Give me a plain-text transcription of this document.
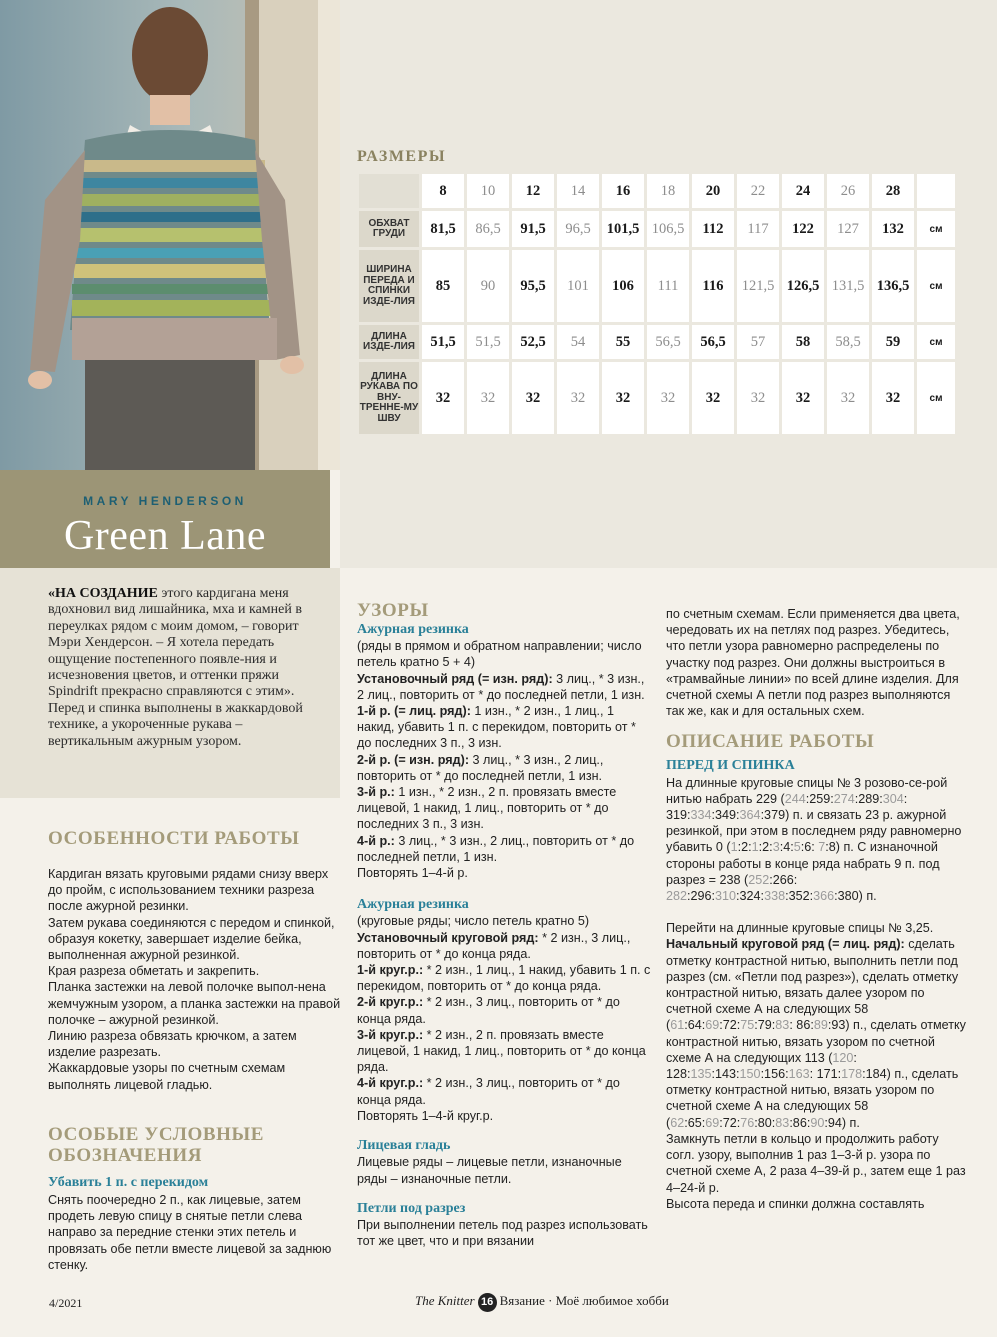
MARY HENDERSON
Green Lane

«НА СОЗДАНИЕ этого кардигана меня вдохновил вид лишайника, мха и камней в переулках рядом с моим домом, – говорит Мэри Хендерсон. – Я хотела передать ощущение постепенного появле-ния и исчезновения цветов, и оттенки пряжи Spindrift прекрасно справляются с этим». Перед и спинка выполнены в жаккардовой технике, а укороченные рукава – вертикальным ажурным узором.

РАЗМЕРЫ
	8	10	12	14	16	18	20	22	24	26	28	
ОБХВАТ ГРУДИ	81,5	86,5	91,5	96,5	101,5	106,5	112	117	122	127	132	см
ШИРИНА ПЕРЕДА И СПИНКИ ИЗДЕ-ЛИЯ	85	90	95,5	101	106	111	116	121,5	126,5	131,5	136,5	см
ДЛИНА ИЗДЕ-ЛИЯ	51,5	51,5	52,5	54	55	56,5	56,5	57	58	58,5	59	см
ДЛИНА РУКАВА ПО ВНУ-ТРЕННЕ-МУ ШВУ	32	32	32	32	32	32	32	32	32	32	32	см
ОСОБЕННОСТИ РАБОТЫ

Кардиган вязать круговыми рядами снизу вверх до пройм, с использованием техники разреза после ажурной резинки.

Затем рукава соединяются с передом и спинкой, образуя кокетку, завершает изделие бейка, выполненная ажурной резинкой.

Края разреза обметать и закрепить.

Планка застежки на левой полочке выпол-нена жемчужным узором, а планка застежки на правой полочке – ажурной резинкой.

Линию разреза обвязать крючком, а затем изделие разрезать.

Жаккардовые узоры по счетным схемам выполнять лицевой гладью.

ОСОБЫЕ УСЛОВНЫЕ ОБОЗНАЧЕНИЯ
Убавить 1 п. с перекидом
Снять поочередно 2 п., как лицевые, затем продеть левую спицу в снятые петли слева направо за передние стенки этих петель и провязать обе петли вместе лицевой за заднюю стенку.
УЗОРЫ
Ажурная резинка

(ряды в прямом и обратном направлении; число петель кратно 5 + 4)

Установочный ряд (= изн. ряд): 3 лиц., * 3 изн., 2 лиц., повторить от * до последней петли, 1 изн.

1-й р. (= лиц. ряд): 1 изн., * 2 изн., 1 лиц., 1 накид, убавить 1 п. с перекидом, повторить от * до последних 3 п., 3 изн.

2-й р. (= изн. ряд): 3 лиц., * 3 изн., 2 лиц., повторить от * до последней петли, 1 изн.

3-й р.: 1 изн., * 2 изн., 2 п. провязать вместе лицевой, 1 накид, 1 лиц., повторить от * до последних 3 п., 3 изн.

4-й р.: 3 лиц., * 3 изн., 2 лиц., повторить от * до последней петли, 1 изн.

Повторять 1–4-й р.

Ажурная резинка

(круговые ряды; число петель кратно 5)

Установочный круговой ряд: * 2 изн., 3 лиц., повторить от * до конца ряда.

1-й круг.р.: * 2 изн., 1 лиц., 1 накид, убавить 1 п. с перекидом, повторить от * до конца ряда.

2-й круг.р.: * 2 изн., 3 лиц., повторить от * до конца ряда.

3-й круг.р.: * 2 изн., 2 п. провязать вместе лицевой, 1 накид, 1 лиц., повторить от * до конца ряда.

4-й круг.р.: * 2 изн., 3 лиц., повторить от * до конца ряда.

Повторять 1–4-й круг.р.

Лицевая гладь

Лицевые ряды – лицевые петли, изнаночные ряды – изнаночные петли.

Петли под разрез

При выполнении петель под разрез использовать тот же цвет, что и при вязании

по счетным схемам. Если применяется два цвета, чередовать их на петлях под разрез. Убедитесь, что петли узора равномерно распределены по участку под разрез. Они должны выстроиться в «трамвайные линии» по всей длине изделия. Для счетной схемы А петли под разрез выполняются так же, как и для остальных схем.

ОПИСАНИЕ РАБОТЫ
ПЕРЕД И СПИНКА

На длинные круговые спицы № 3 розово-се-рой нитью набрать 229 (244:259:274:289:304: 319:334:349:364:379) п. и связать 23 р. ажурной резинкой, при этом в последнем ряду равномерно убавить 0 (1:2:1:2:3:4:5:6: 7:8) п. С изнаночной стороны работы в конце ряда набрать 9 п. под разрез = 238 (252:266: 282:296:310:324:338:352:366:380) п.

Перейти на длинные круговые спицы № 3,25.

Начальный круговой ряд (= лиц. ряд): сделать отметку контрастной нитью, выполнить петли под разрез (см. «Петли под разрез»), сделать отметку контрастной нитью, вязать далее узором по счетной схеме А на следующих 58 (61:64:69:72:75:79:83: 86:89:93) п., сделать отметку контрастной нитью, вязать узором по счетной схеме А на следующих 113 (120: 128:135:143:150:156:163: 171:178:184) п., сделать отметку контрастной нитью, вязать узором по счетной схеме А на следующих 58 (62:65:69:72:76:80:83:86:90:94) п.

Замкнуть петли в кольцо и продолжить работу согл. узору, выполнив 1 раз 1–3-й р. узора по счетной схеме А, 2 раза 4–39-й р., затем еще 1 раз 4–24-й р.

Высота переда и спинки должна составлять

4/2021	The Knitter 16 Вязание · Моё любимое хобби
